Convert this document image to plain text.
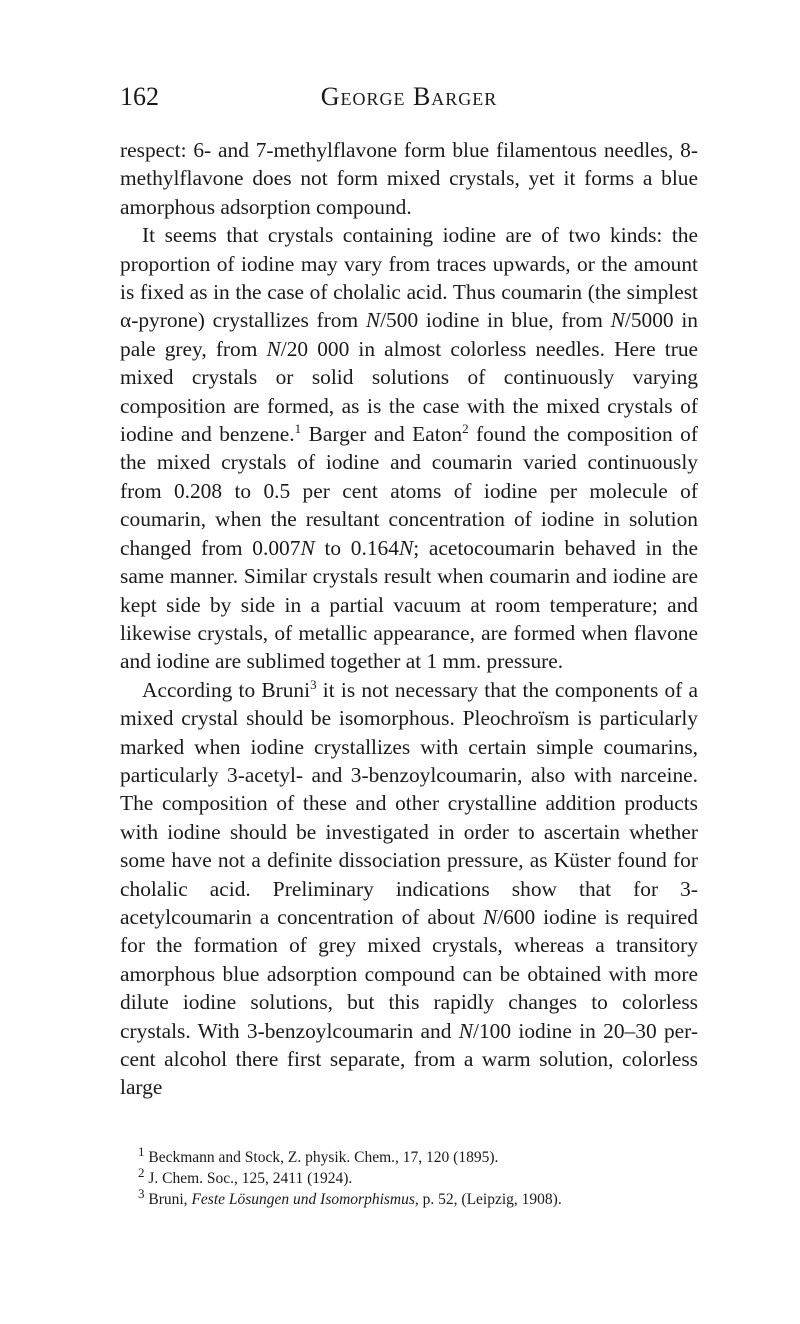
162	George Barger

respect: 6- and 7-methylflavone form blue filamentous needles, 8-methylflavone does not form mixed crystals, yet it forms a blue amorphous adsorption compound.

It seems that crystals containing iodine are of two kinds: the proportion of iodine may vary from traces upwards, or the amount is fixed as in the case of cholalic acid. Thus coumarin (the simplest α-pyrone) crystallizes from N/500 iodine in blue, from N/5000 in pale grey, from N/20 000 in almost colorless needles. Here true mixed crystals or solid solutions of continuously varying composition are formed, as is the case with the mixed crystals of iodine and benzene.$^1$ Barger and Eaton$^2$ found the composition of the mixed crystals of iodine and coumarin varied continuously from 0.208 to 0.5 per cent atoms of iodine per molecule of coumarin, when the resultant concentration of iodine in solution changed from 0.007N to 0.164N; acetocoumarin behaved in the same manner. Similar crystals result when coumarin and iodine are kept side by side in a partial vacuum at room temperature; and likewise crystals, of metallic appearance, are formed when flavone and iodine are sublimed together at 1 mm. pressure.

According to Bruni$^3$ it is not necessary that the components of a mixed crystal should be isomorphous. Pleochroïsm is particularly marked when iodine crystallizes with certain simple coumarins, particularly 3-acetyl- and 3-benzoylcoumarin, also with narceine. The composition of these and other crystalline addition products with iodine should be investigated in order to ascertain whether some have not a definite dissociation pressure, as Küster found for cholalic acid. Preliminary indications show that for 3-acetylcoumarin a concentration of about N/600 iodine is required for the formation of grey mixed crystals, whereas a transitory amorphous blue adsorption compound can be obtained with more dilute iodine solutions, but this rapidly changes to colorless crystals. With 3-benzoylcoumarin and N/100 iodine in 20–30 per-cent alcohol there first separate, from a warm solution, colorless large

$^1$ Beckmann and Stock, Z. physik. Chem., 17, 120 (1895).
$^2$ J. Chem. Soc., 125, 2411 (1924).
$^3$ Bruni, Feste Lösungen und Isomorphismus, p. 52, (Leipzig, 1908).
